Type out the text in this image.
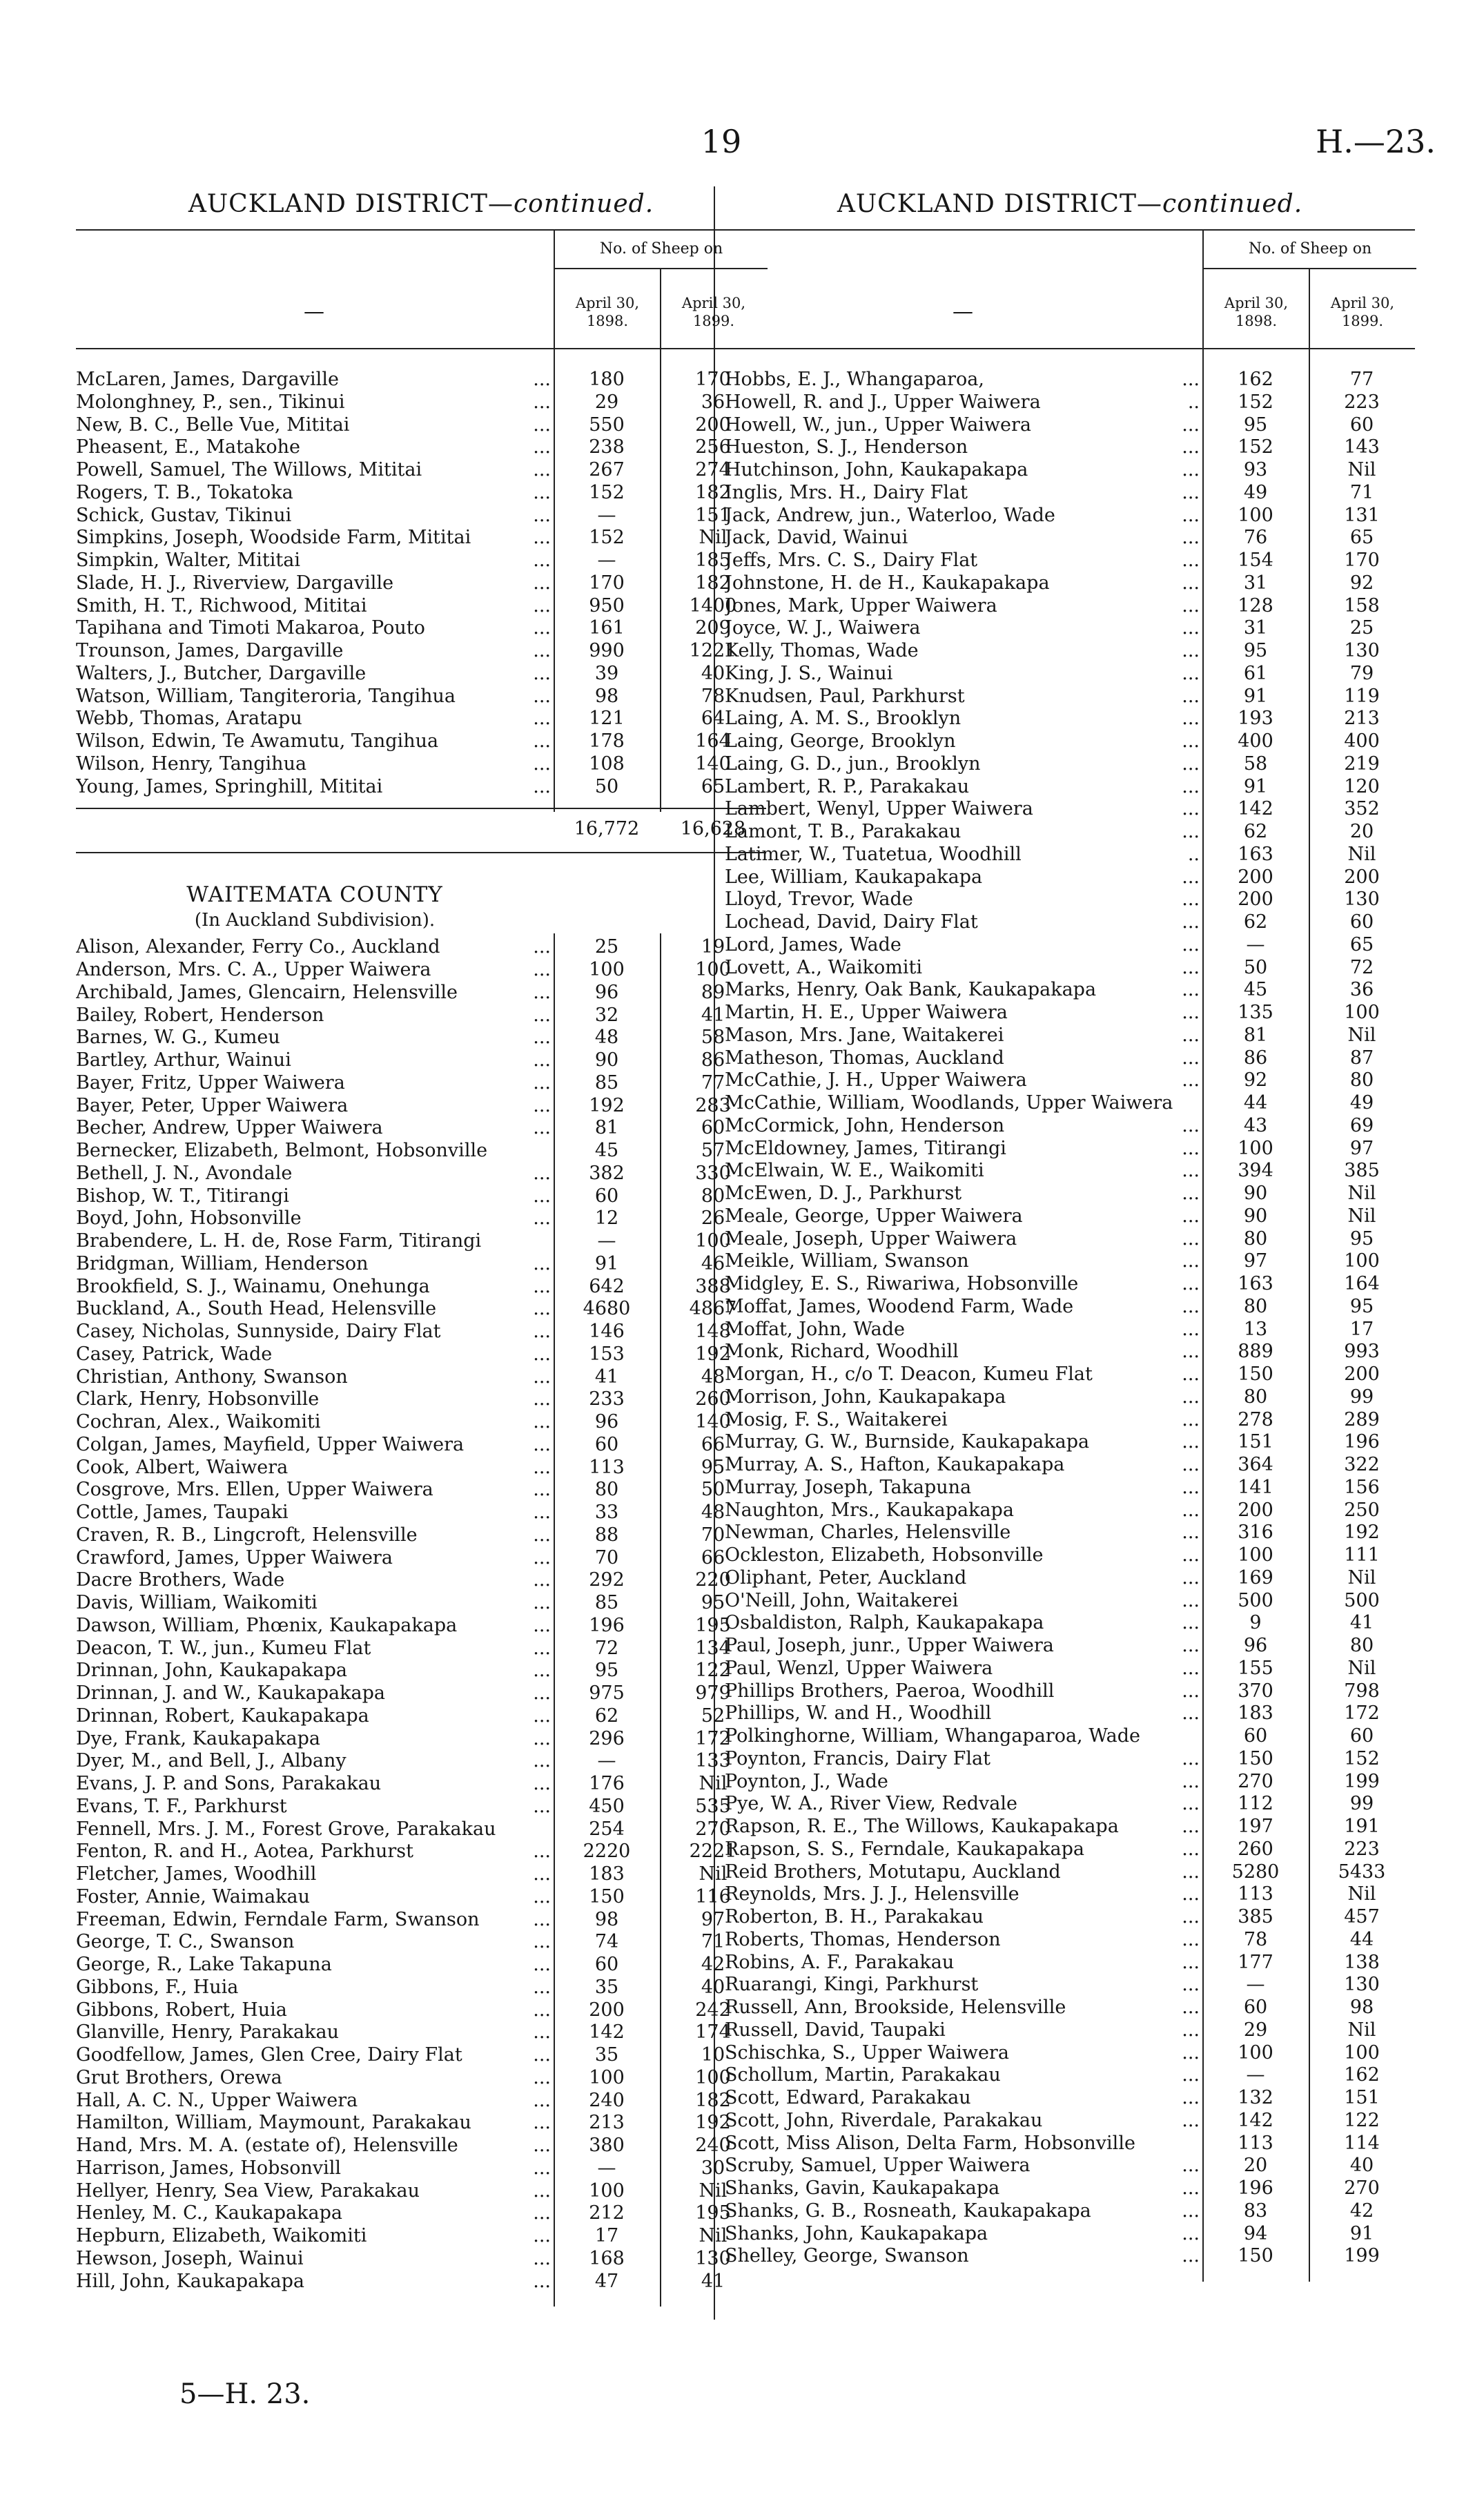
19	H.—23.
AUCKLAND DISTRICT—continued.
—
No. of Sheep on
April 30,
1898.
April 30,
1899.
McLaren, James, Dargaville	...	180	170
Molonghney, P., sen., Tikinui	...	29	36
New, B. C., Belle Vue, Mititai	...	550	200
Pheasent, E., Matakohe	...	238	256
Powell, Samuel, The Willows, Mititai	...	267	274
Rogers, T. B., Tokatoka	...	152	182
Schick, Gustav, Tikinui	...	—	151
Simpkins, Joseph, Woodside Farm, Mititai	...	152	Nil
Simpkin, Walter, Mititai	...	—	185
Slade, H. J., Riverview, Dargaville	...	170	182
Smith, H. T., Richwood, Mititai	...	950	1400
Tapihana and Timoti Makaroa, Pouto	...	161	209
Trounson, James, Dargaville	...	990	1221
Walters, J., Butcher, Dargaville	...	39	40
Watson, William, Tangiteroria, Tangihua	...	98	78
Webb, Thomas, Aratapu	...	121	64
Wilson, Edwin, Te Awamutu, Tangihua	...	178	164
Wilson, Henry, Tangihua	...	108	140
Young, James, Springhill, Mititai	...	50	65
16,772	16,628
WAITEMATA COUNTY
(In Auckland Subdivision).
Alison, Alexander, Ferry Co., Auckland	...	25	19
Anderson, Mrs. C. A., Upper Waiwera	...	100	100
Archibald, James, Glencairn, Helensville	...	96	89
Bailey, Robert, Henderson	...	32	41
Barnes, W. G., Kumeu	...	48	58
Bartley, Arthur, Wainui	...	90	86
Bayer, Fritz, Upper Waiwera	...	85	77
Bayer, Peter, Upper Waiwera	...	192	283
Becher, Andrew, Upper Waiwera	...	81	60
Bernecker, Elizabeth, Belmont, Hobsonville	45	57
Bethell, J. N., Avondale	...	382	330
Bishop, W. T., Titirangi	...	60	80
Boyd, John, Hobsonville	...	12	26
Brabendere, L. H. de, Rose Farm, Titirangi	—	100
Bridgman, William, Henderson	...	91	46
Brookfield, S. J., Wainamu, Onehunga	...	642	388
Buckland, A., South Head, Helensville	...	4680	4867
Casey, Nicholas, Sunnyside, Dairy Flat	...	146	148
Casey, Patrick, Wade	...	153	192
Christian, Anthony, Swanson	...	41	48
Clark, Henry, Hobsonville	...	233	260
Cochran, Alex., Waikomiti	...	96	140
Colgan, James, Mayfield, Upper Waiwera	...	60	66
Cook, Albert, Waiwera	...	113	95
Cosgrove, Mrs. Ellen, Upper Waiwera	...	80	50
Cottle, James, Taupaki	...	33	48
Craven, R. B., Lingcroft, Helensville	...	88	70
Crawford, James, Upper Waiwera	...	70	66
Dacre Brothers, Wade	...	292	220
Davis, William, Waikomiti	...	85	95
Dawson, William, Phœnix, Kaukapakapa	...	196	195
Deacon, T. W., jun., Kumeu Flat	...	72	134
Drinnan, John, Kaukapakapa	...	95	122
Drinnan, J. and W., Kaukapakapa	...	975	979
Drinnan, Robert, Kaukapakapa	...	62	52
Dye, Frank, Kaukapakapa	...	296	172
Dyer, M., and Bell, J., Albany	...	—	133
Evans, J. P. and Sons, Parakakau	...	176	Nil
Evans, T. F., Parkhurst	...	450	535
Fennell, Mrs. J. M., Forest Grove, Parakakau	254	270
Fenton, R. and H., Aotea, Parkhurst	...	2220	2221
Fletcher, James, Woodhill	...	183	Nil
Foster, Annie, Waimakau	...	150	116
Freeman, Edwin, Ferndale Farm, Swanson	...	98	97
George, T. C., Swanson	...	74	71
George, R., Lake Takapuna	...	60	42
Gibbons, F., Huia	...	35	40
Gibbons, Robert, Huia	...	200	242
Glanville, Henry, Parakakau	...	142	174
Goodfellow, James, Glen Cree, Dairy Flat	...	35	10
Grut Brothers, Orewa	...	100	100
Hall, A. C. N., Upper Waiwera	...	240	182
Hamilton, William, Maymount, Parakakau	...	213	192
Hand, Mrs. M. A. (estate of), Helensville	...	380	240
Harrison, James, Hobsonvill	...	—	30
Hellyer, Henry, Sea View, Parakakau	...	100	Nil
Henley, M. C., Kaukapakapa	...	212	195
Hepburn, Elizabeth, Waikomiti	...	17	Nil
Hewson, Joseph, Wainui	...	168	130
Hill, John, Kaukapakapa	...	47	41
AUCKLAND DISTRICT—continued.
—
No. of Sheep on
April 30,
1898.
April 30,
1899.
Hobbs, E. J., Whangaparoa,	...	162	77
Howell, R. and J., Upper Waiwera	..	152	223
Howell, W., jun., Upper Waiwera	...	95	60
Hueston, S. J., Henderson	...	152	143
Hutchinson, John, Kaukapakapa	...	93	Nil
Inglis, Mrs. H., Dairy Flat	...	49	71
Jack, Andrew, jun., Waterloo, Wade	...	100	131
Jack, David, Wainui	...	76	65
Jeffs, Mrs. C. S., Dairy Flat	...	154	170
Johnstone, H. de H., Kaukapakapa	...	31	92
Jones, Mark, Upper Waiwera	...	128	158
Joyce, W. J., Waiwera	...	31	25
Kelly, Thomas, Wade	...	95	130
King, J. S., Wainui	...	61	79
Knudsen, Paul, Parkhurst	...	91	119
Laing, A. M. S., Brooklyn	...	193	213
Laing, George, Brooklyn	...	400	400
Laing, G. D., jun., Brooklyn	...	58	219
Lambert, R. P., Parakakau	...	91	120
Lambert, Wenyl, Upper Waiwera	...	142	352
Lamont, T. B., Parakakau	...	62	20
Latimer, W., Tuatetua, Woodhill	..	163	Nil
Lee, William, Kaukapakapa	...	200	200
Lloyd, Trevor, Wade	...	200	130
Lochead, David, Dairy Flat	...	62	60
Lord, James, Wade	...	—	65
Lovett, A., Waikomiti	...	50	72
Marks, Henry, Oak Bank, Kaukapakapa	...	45	36
Martin, H. E., Upper Waiwera	...	135	100
Mason, Mrs. Jane, Waitakerei	...	81	Nil
Matheson, Thomas, Auckland	...	86	87
McCathie, J. H., Upper Waiwera	...	92	80
McCathie, William, Woodlands, Upper Waiwera	44	49
McCormick, John, Henderson	...	43	69
McEldowney, James, Titirangi	...	100	97
McElwain, W. E., Waikomiti	...	394	385
McEwen, D. J., Parkhurst	...	90	Nil
Meale, George, Upper Waiwera	...	90	Nil
Meale, Joseph, Upper Waiwera	...	80	95
Meikle, William, Swanson	...	97	100
Midgley, E. S., Riwariwa, Hobsonville	...	163	164
Moffat, James, Woodend Farm, Wade	...	80	95
Moffat, John, Wade	...	13	17
Monk, Richard, Woodhill	...	889	993
Morgan, H., c/o T. Deacon, Kumeu Flat	...	150	200
Morrison, John, Kaukapakapa	...	80	99
Mosig, F. S., Waitakerei	...	278	289
Murray, G. W., Burnside, Kaukapakapa	...	151	196
Murray, A. S., Hafton, Kaukapakapa	...	364	322
Murray, Joseph, Takapuna	...	141	156
Naughton, Mrs., Kaukapakapa	...	200	250
Newman, Charles, Helensville	...	316	192
Ockleston, Elizabeth, Hobsonville	...	100	111
Oliphant, Peter, Auckland	...	169	Nil
O'Neill, John, Waitakerei	...	500	500
Osbaldiston, Ralph, Kaukapakapa	...	9	41
Paul, Joseph, junr., Upper Waiwera	...	96	80
Paul, Wenzl, Upper Waiwera	...	155	Nil
Phillips Brothers, Paeroa, Woodhill	...	370	798
Phillips, W. and H., Woodhill	...	183	172
Polkinghorne, William, Whangaparoa, Wade	60	60
Poynton, Francis, Dairy Flat	...	150	152
Poynton, J., Wade	...	270	199
Pye, W. A., River View, Redvale	...	112	99
Rapson, R. E., The Willows, Kaukapakapa	...	197	191
Rapson, S. S., Ferndale, Kaukapakapa	...	260	223
Reid Brothers, Motutapu, Auckland	...	5280	5433
Reynolds, Mrs. J. J., Helensville	...	113	Nil
Roberton, B. H., Parakakau	...	385	457
Roberts, Thomas, Henderson	...	78	44
Robins, A. F., Parakakau	...	177	138
Ruarangi, Kingi, Parkhurst	...	—	130
Russell, Ann, Brookside, Helensville	...	60	98
Russell, David, Taupaki	...	29	Nil
Schischka, S., Upper Waiwera	...	100	100
Schollum, Martin, Parakakau	...	—	162
Scott, Edward, Parakakau	...	132	151
Scott, John, Riverdale, Parakakau	...	142	122
Scott, Miss Alison, Delta Farm, Hobsonville	113	114
Scruby, Samuel, Upper Waiwera	...	20	40
Shanks, Gavin, Kaukapakapa	...	196	270
Shanks, G. B., Rosneath, Kaukapakapa	...	83	42
Shanks, John, Kaukapakapa	...	94	91
Shelley, George, Swanson	...	150	199
5—H. 23.
